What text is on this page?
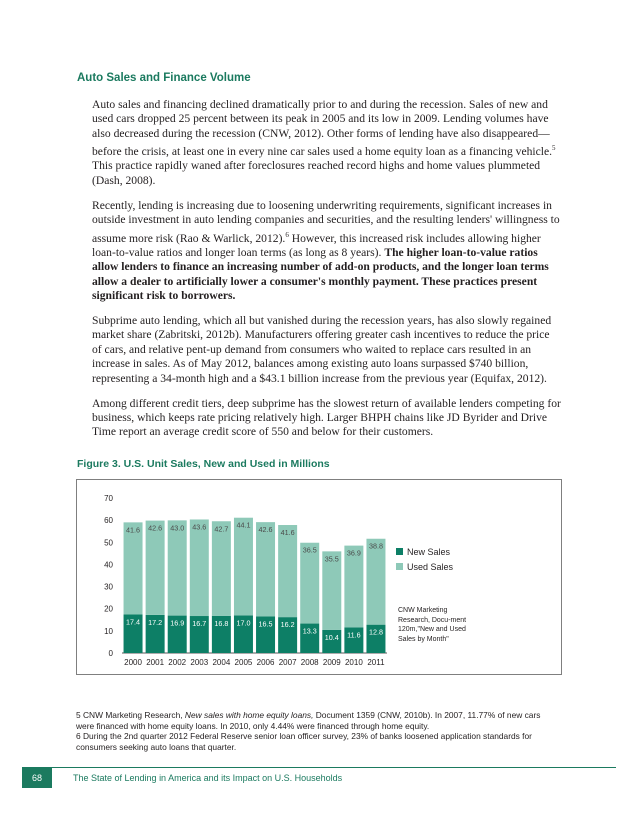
Auto Sales and Finance Volume

Auto sales and financing declined dramatically prior to and during the recession. Sales of new and used cars dropped 25 percent between its peak in 2005 and its low in 2009. Lending volumes have also decreased during the recession (CNW, 2012). Other forms of lending have also disappeared—before the crisis, at least one in every nine car sales used a home equity loan as a financing vehicle.$^5$ This practice rapidly waned after foreclosures reached record highs and home values plummeted (Dash, 2008).

Recently, lending is increasing due to loosening underwriting requirements, significant increases in outside investment in auto lending companies and securities, and the resulting lenders' willingness to assume more risk (Rao & Warlick, 2012).$^6$ However, this increased risk includes allowing higher loan-to-value ratios and longer loan terms (as long as 8 years). The higher loan-to-value ratios allow lenders to finance an increasing number of add-on products, and the longer loan terms allow a dealer to artificially lower a consumer's monthly payment. These practices present significant risk to borrowers.

Subprime auto lending, which all but vanished during the recession years, has also slowly regained market share (Zabritski, 2012b). Manufacturers offering greater cash incentives to reduce the price of cars, and relative pent-up demand from consumers who waited to replace cars resulted in an increase in sales. As of May 2012, balances among existing auto loans surpassed $740 billion, representing a 34-month high and a $43.1 billion increase from the previous year (Equifax, 2012).

Among different credit tiers, deep subprime has the slowest return of available lenders competing for business, which keeps rate pricing relatively high. Larger BHPH chains like JD Byrider and Drive Time report an average credit score of 550 and below for their customers.

Figure 3. U.S. Unit Sales, New and Used in Millions
0
10
20
30
40
50
60
70
17.4
41.6
2000
17.2
42.6
2001
16.9
43.0
2002
16.7
43.6
2003
16.8
42.7
2004
17.0
44.1
2005
16.5
42.6
2006
16.2
41.6
2007
13.3
36.5
2008
10.4
35.5
2009
11.6
36.9
2010
12.8
38.8
2011
New Sales
Used Sales
CNW Marketing Research, Docu-ment 120m,"New and Used Sales by Month"

5 CNW Marketing Research, New sales with home equity loans, Document 1359 (CNW, 2010b). In 2007, 11.77% of new cars were financed with home equity loans. In 2010, only 4.44% were financed through home equity.

6 During the 2nd quarter 2012 Federal Reserve senior loan officer survey, 23% of banks loosened application standards for consumers seeking auto loans that quarter.

68	The State of Lending in America and its Impact on U.S. Households
